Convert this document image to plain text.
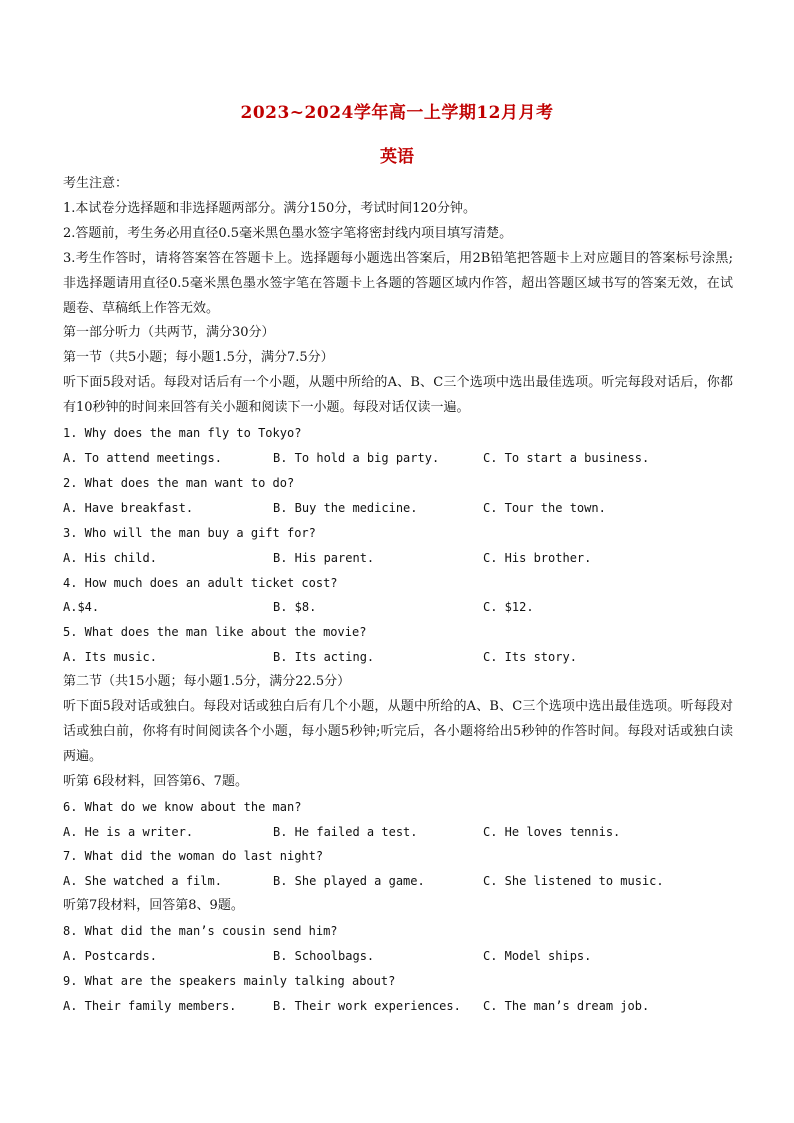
2023~2024学年高一上学期12月月考
英语
考生注意：
1.本试卷分选择题和非选择题两部分。满分150分，考试时间120分钟。
2.答题前，考生务必用直径0.5毫米黑色墨水签字笔将密封线内项目填写清楚。
3.考生作答时，请将答案答在答题卡上。选择题每小题选出答案后，用2B铅笔把答题卡上对应题目的答案标号涂黑;非选择题请用直径0.5毫米黑色墨水签字笔在答题卡上各题的答题区域内作答，超出答题区域书写的答案无效，在试题卷、草稿纸上作答无效。
第一部分听力（共两节，满分30分）
第一节（共5小题；每小题1.5分，满分7.5分）
听下面5段对话。每段对话后有一个小题，从题中所给的A、B、C三个选项中选出最佳选项。听完每段对话后，你都有10秒钟的时间来回答有关小题和阅读下一小题。每段对话仅读一遍。
1. Why does the man fly to Tokyo?
A. To attend meetings.	B. To hold a big party.	C. To start a business.
2. What does the man want to do?
A. Have breakfast.	B. Buy the medicine.	C. Tour the town.
3. Who will the man buy a gift for?
A. His child.	B. His parent.	C. His brother.
4. How much does an adult ticket cost?
A.$4.	B. $8.	C. $12.
5. What does the man like about the movie?
A. Its music.	B. Its acting.	C. Its story.
第二节（共15小题；每小题1.5分，满分22.5分）
听下面5段对话或独白。每段对话或独白后有几个小题，从题中所给的A、B、C三个选项中选出最佳选项。听每段对话或独白前，你将有时间阅读各个小题，每小题5秒钟;听完后，各小题将给出5秒钟的作答时间。每段对话或独白读两遍。
听第 6段材料，回答第6、7题。
6. What do we know about the man?
A. He is a writer.	B. He failed a test.	C. He loves tennis.
7. What did the woman do last night?
A. She watched a film.	B. She played a game.	C. She listened to music.
听第7段材料，回答第8、9题。
8. What did the man’s cousin send him?
A. Postcards.	B. Schoolbags.	C. Model ships.
9. What are the speakers mainly talking about?
A. Their family members.	B. Their work experiences.	C. The man’s dream job.
